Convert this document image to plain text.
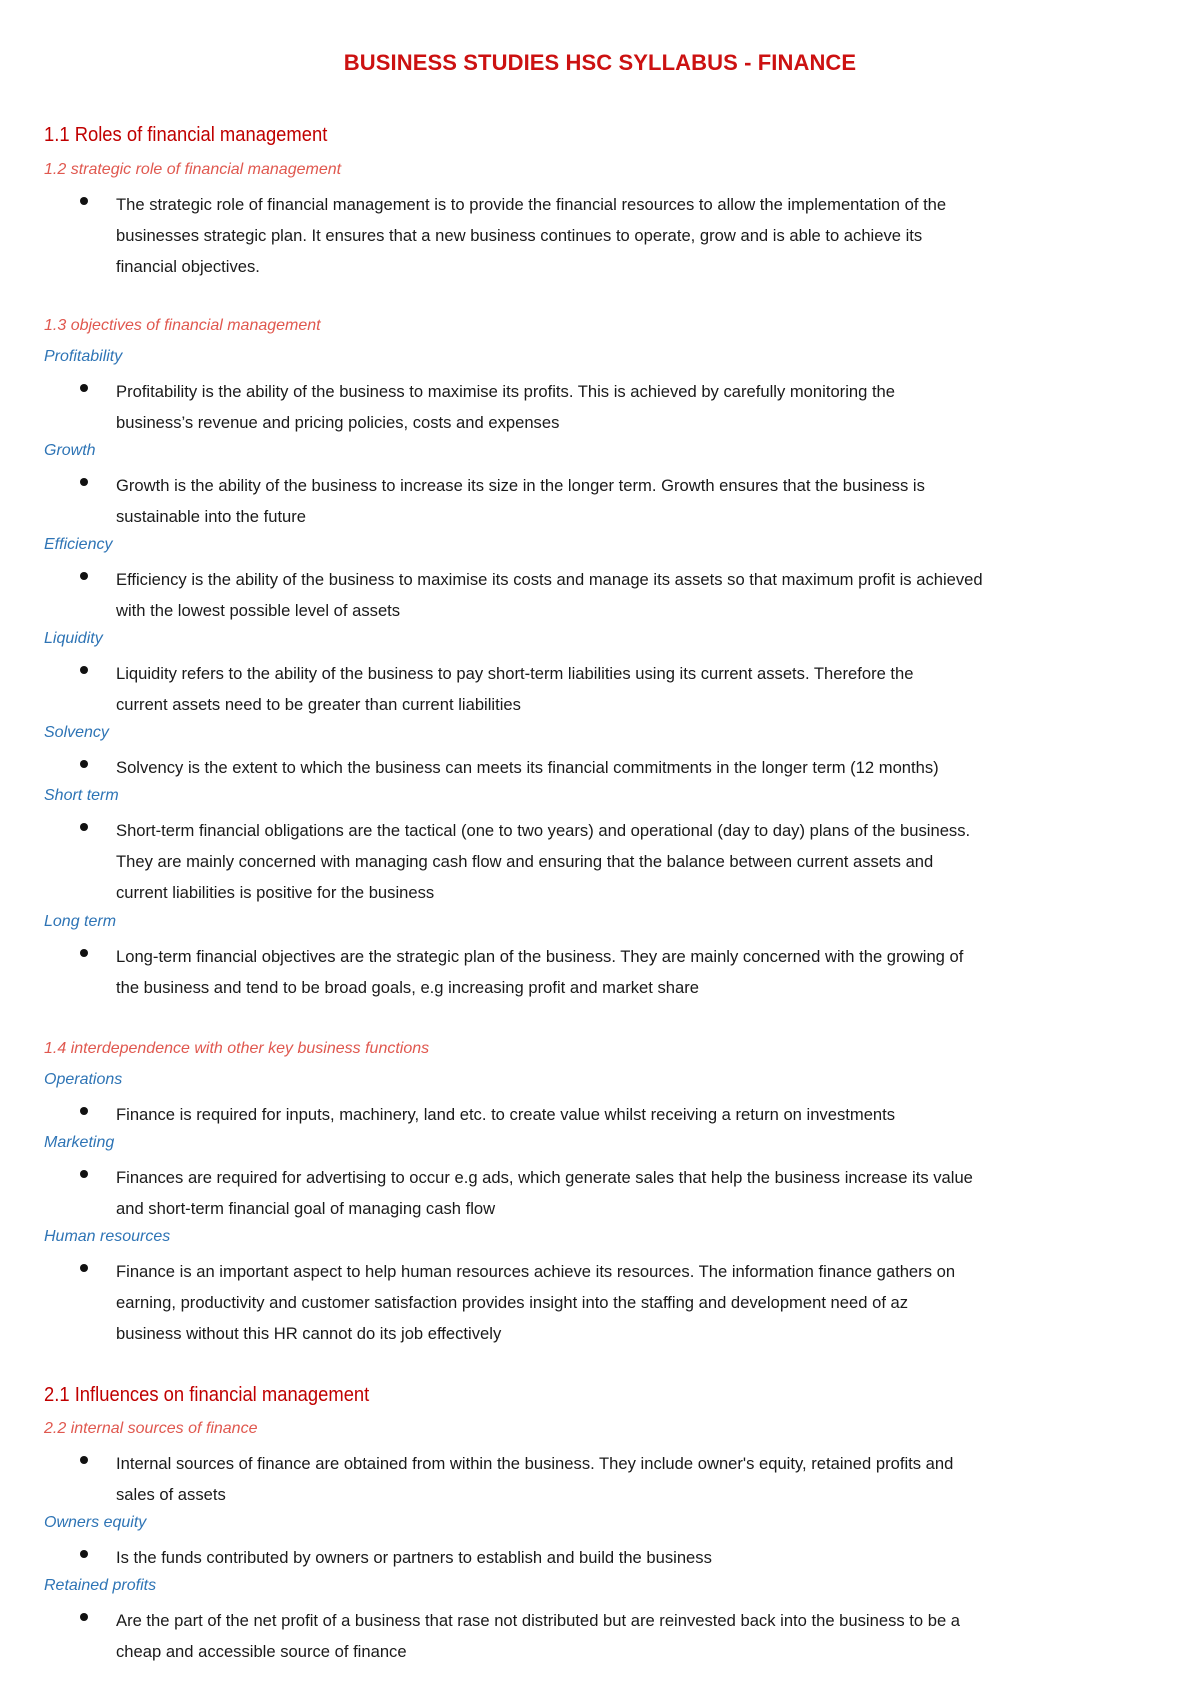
BUSINESS STUDIES HSC SYLLABUS - FINANCE
1.1 Roles of financial management
1.2 strategic role of financial management
The strategic role of financial management is to provide the financial resources to allow the implementation of the
businesses strategic plan. It ensures that a new business continues to operate, grow and is able to achieve its
financial objectives.
1.3 objectives of financial management
Profitability
Profitability is the ability of the business to maximise its profits. This is achieved by carefully monitoring the
business’s revenue and pricing policies, costs and expenses
Growth
Growth is the ability of the business to increase its size in the longer term. Growth ensures that the business is
sustainable into the future
Efficiency
Efficiency is the ability of the business to maximise its costs and manage its assets so that maximum profit is achieved
with the lowest possible level of assets
Liquidity
Liquidity refers to the ability of the business to pay short-term liabilities using its current assets. Therefore the
current assets need to be greater than current liabilities
Solvency
Solvency is the extent to which the business can meets its financial commitments in the longer term (12 months)
Short term
Short-term financial obligations are the tactical (one to two years) and operational (day to day) plans of the business.
They are mainly concerned with managing cash flow and ensuring that the balance between current assets and
current liabilities is positive for the business
Long term
Long-term financial objectives are the strategic plan of the business. They are mainly concerned with the growing of
the business and tend to be broad goals, e.g increasing profit and market share
1.4 interdependence with other key business functions
Operations
Finance is required for inputs, machinery, land etc. to create value whilst receiving a return on investments
Marketing
Finances are required for advertising to occur e.g ads, which generate sales that help the business increase its value
and short-term financial goal of managing cash flow
Human resources
Finance is an important aspect to help human resources achieve its resources. The information finance gathers on
earning, productivity and customer satisfaction provides insight into the staffing and development need of az
business without this HR cannot do its job effectively
2.1 Influences on financial management
2.2 internal sources of finance
Internal sources of finance are obtained from within the business. They include owner's equity, retained profits and
sales of assets
Owners equity
Is the funds contributed by owners or partners to establish and build the business
Retained profits
Are the part of the net profit of a business that rase not distributed but are reinvested back into the business to be a
cheap and accessible source of finance
